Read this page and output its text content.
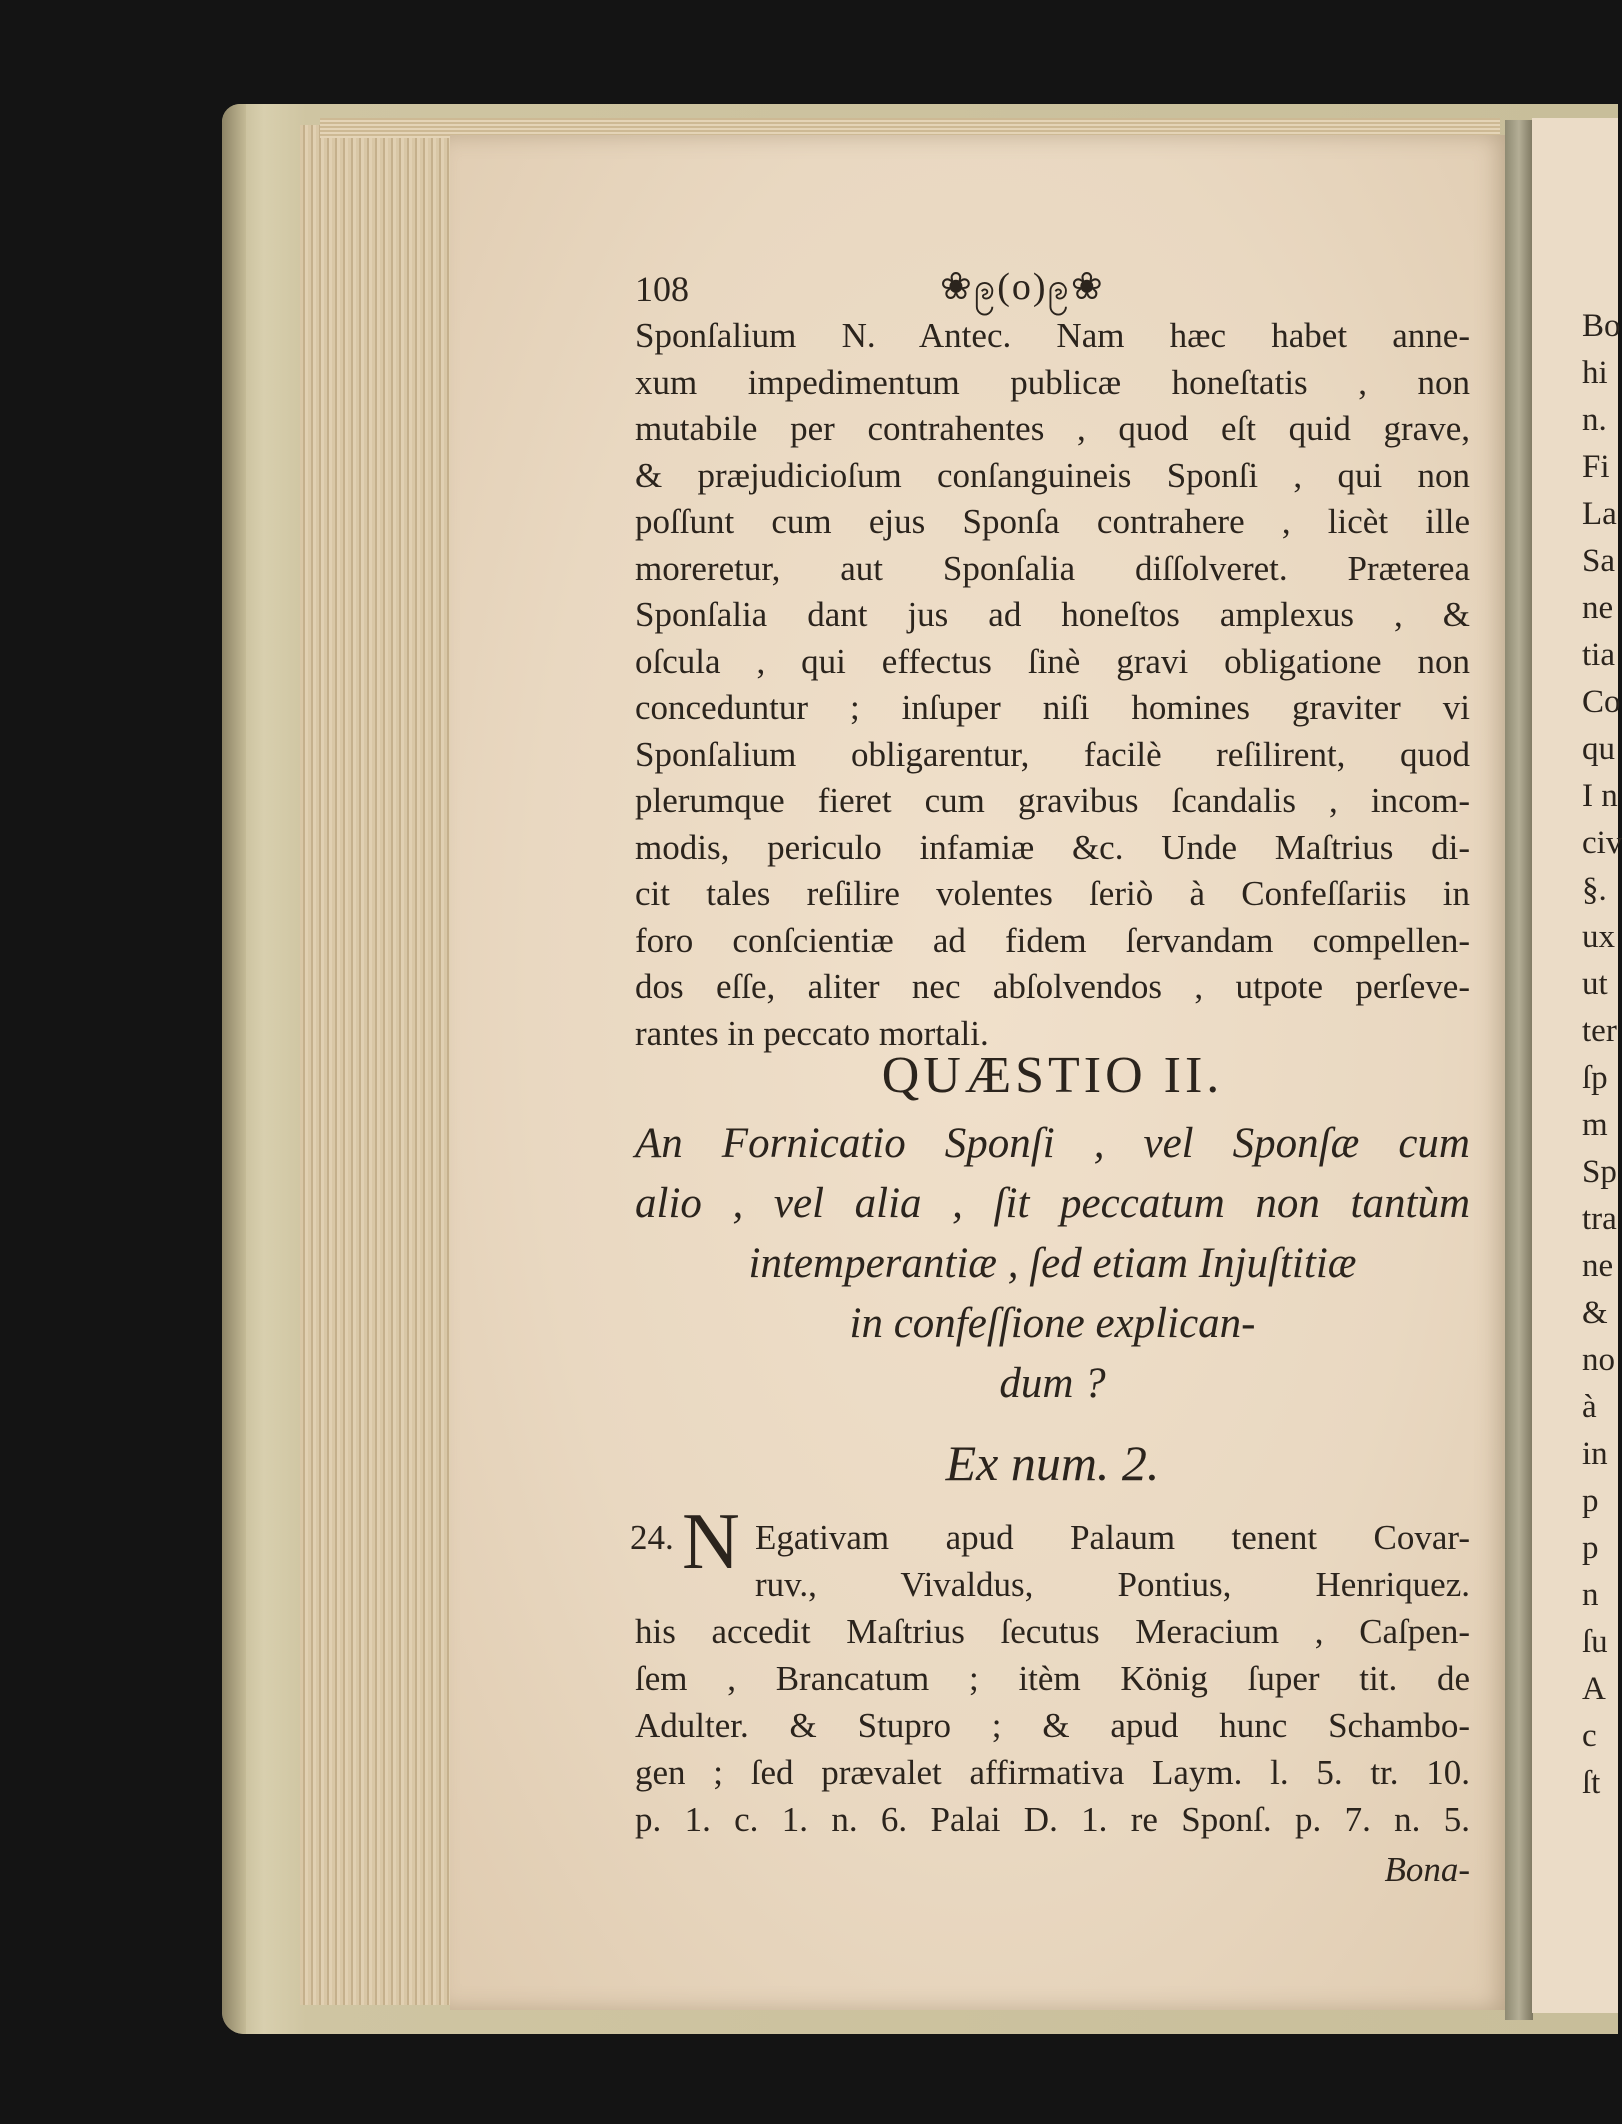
108	❀ဨ(o)ဨ❀
Sponſalium N. Antec. Nam hæc habet anne-
xum impedimentum publicæ honeſtatis , non
mutabile per contrahentes , quod eſt quid grave,
& præjudicioſum conſanguineis Sponſi , qui non
poſſunt cum ejus Sponſa contrahere , licèt ille
moreretur, aut Sponſalia diſſolveret. Præterea
Sponſalia dant jus ad honeſtos amplexus , &
oſcula , qui effectus ſinè gravi obligatione non
conceduntur ; inſuper niſi homines graviter vi
Sponſalium obligarentur, facilè reſilirent, quod
plerumque fieret cum gravibus ſcandalis , incom-
modis, periculo infamiæ &c. Unde Maſtrius di-
cit tales reſilire volentes ſeriò à Confeſſariis in
foro conſcientiæ ad fidem ſervandam compellen-
dos eſſe, aliter nec abſolvendos , utpote perſeve-
rantes in peccato mortali.
QUÆSTIO II.
An Fornicatio Sponſi , vel Sponſæ cum
alio , vel alia , ſit peccatum non tantùm
intemperantiæ , ſed etiam Injuſtitiæ
in confeſſione explican-
dum ?
Ex num. 2.
24. N Egativam apud Palaum tenent Covar-
ruv., Vivaldus, Pontius, Henriquez.
his accedit Maſtrius ſecutus Meracium , Caſpen-
ſem , Brancatum ; itèm König ſuper tit. de
Adulter. & Stupro ; & apud hunc Schambo-
gen ; ſed prævalet affirmativa Laym. l. 5. tr. 10.
p. 1. c. 1. n. 6. Palai D. 1. re Sponſ. p. 7. n. 5.
Bona-
Bo
hi
n.
Fi
La
Sa
ne
tia
Co
qu
I n
civ
§.
ux
ut
ter
ſp
m
Sp
tra
ne
&
no
à
in
p
p
n
ſu
A
c
ſt
